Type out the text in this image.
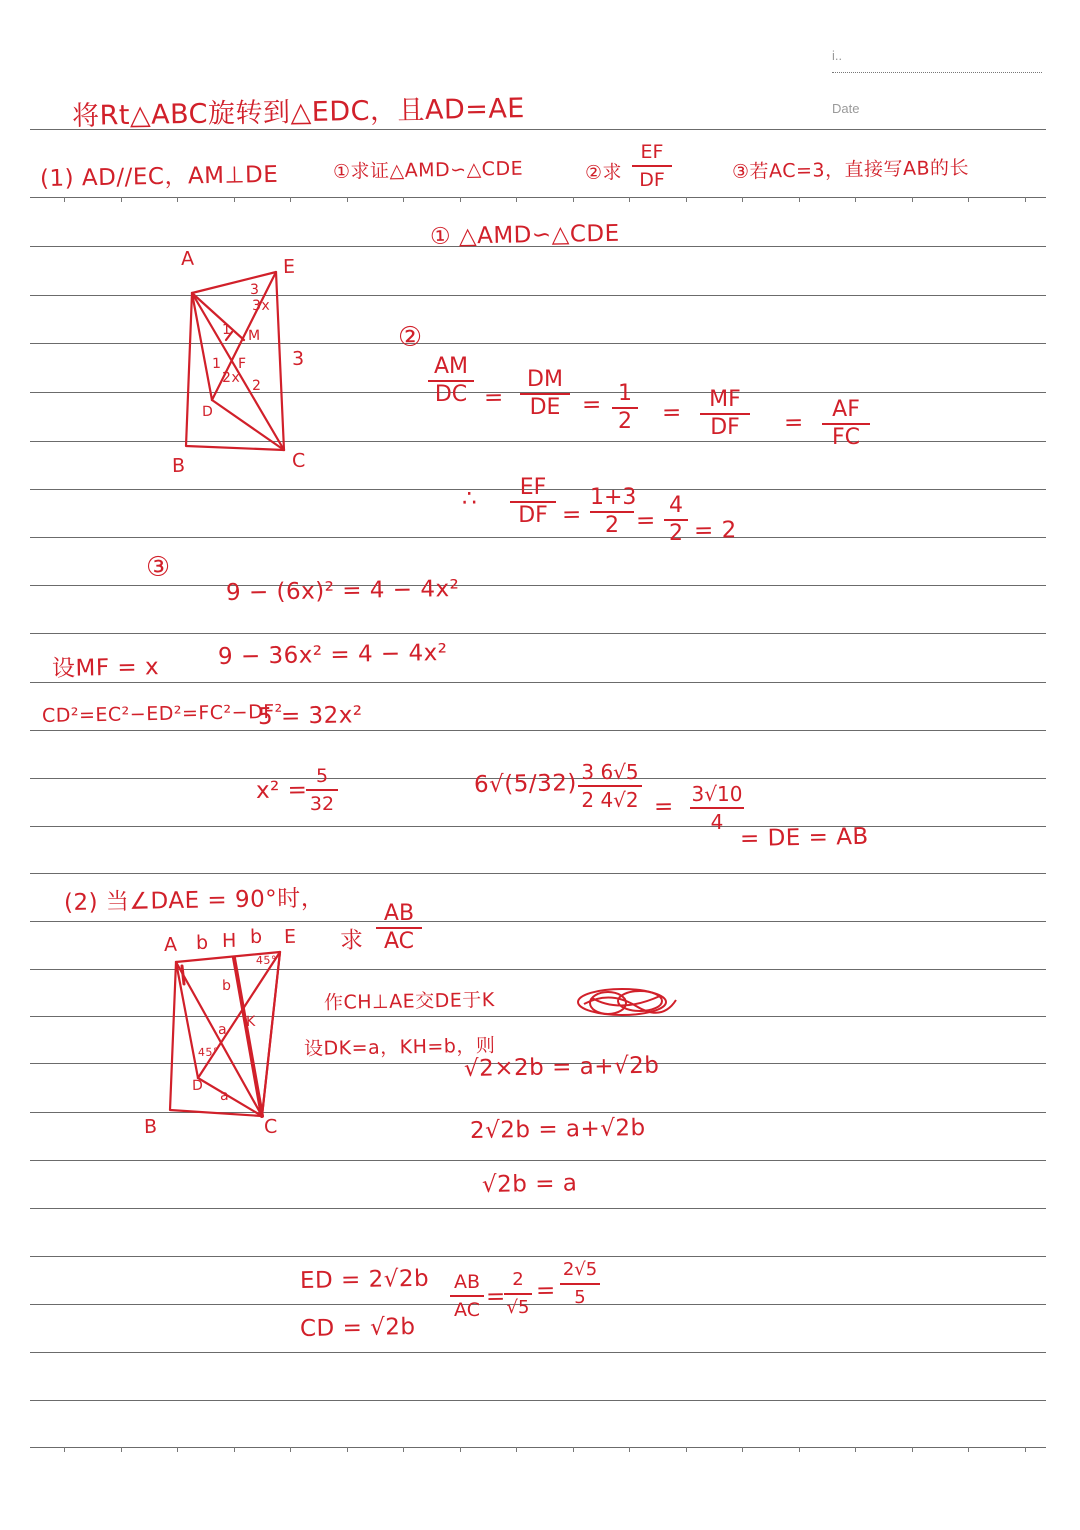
i..
Date
将Rt△ABC旋转到△EDC，且AD=AE
(1) AD//EC，AM⊥DE	①求证△AMD∽△CDE	②求
EF
DF	③若AC=3，直接写AB的长
① △AMD∽△CDE
A	E
B	C
D
M
F
3
3
1
1
2
3x
2x
②
AM
DC =
DM
DE = 1
2 =
MF
DF	=
AF
FC
∴	EF
DF =
1+3
2 =
4
2 = 2
③
9 − (6x)² = 4 − 4x²
设MF = x	9 − 36x² = 4 − 4x²
CD²=EC²−ED²=FC²−DF²
5 = 32x²
x² =
5
32
6√(5/32) 3 6√5
2 4√2 = 3√10
4
= DE = AB
(2) 当∠DAE = 90°时，
求
AB
AC
A H E
B	C
D
K
b b
b
a
a
45°
45°
作CH⊥AE交DE于K
设DK=a，KH=b，则
√2×2b = a+√2b
2√2b = a+√2b
√2b = a
ED = 2√2b
CD = √2b
AB
AC
=
2
√5
=
2√5
5
